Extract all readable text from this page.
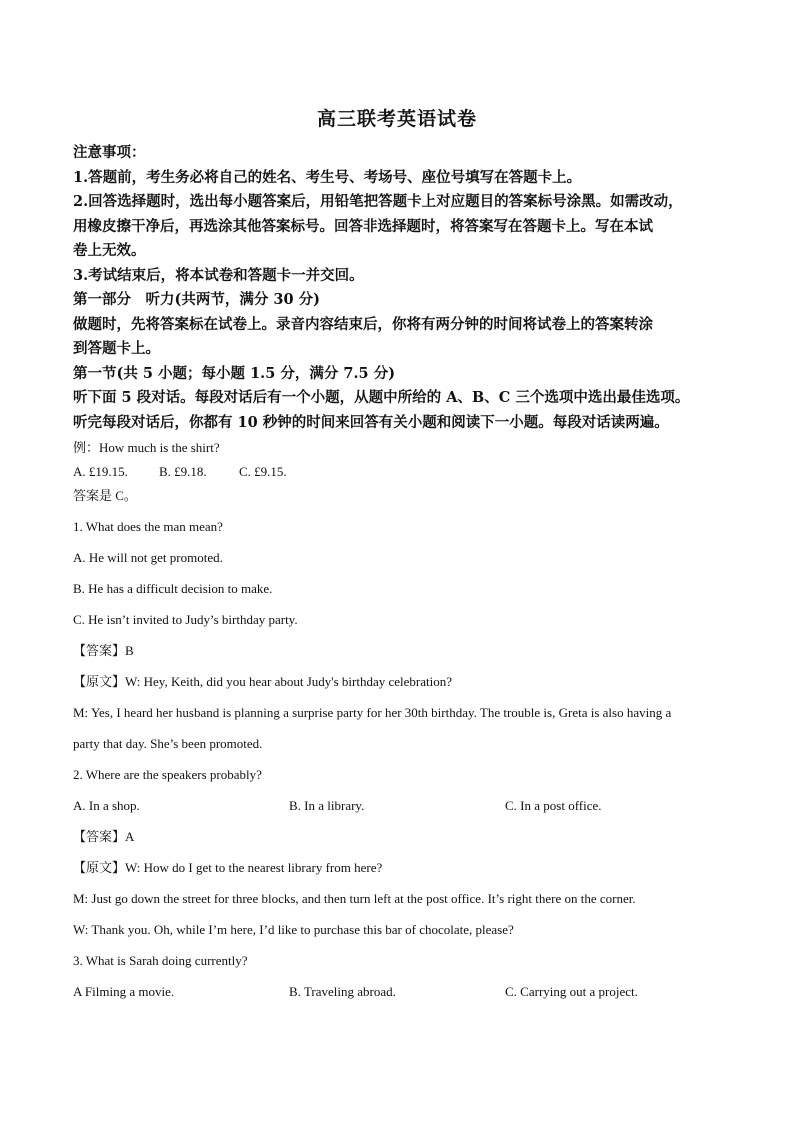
高三联考英语试卷
注意事项：
1.答题前，考生务必将自己的姓名、考生号、考场号、座位号填写在答题卡上。
2.回答选择题时，选出每小题答案后，用铅笔把答题卡上对应题目的答案标号涂黑。如需改动，
用橡皮擦干净后，再选涂其他答案标号。回答非选择题时，将答案写在答题卡上。写在本试
卷上无效。
3.考试结束后，将本试卷和答题卡一并交回。
第一部分　听力(共两节，满分 30 分)
做题时，先将答案标在试卷上。录音内容结束后，你将有两分钟的时间将试卷上的答案转涂
到答题卡上。
第一节(共 5 小题；每小题 1.5 分，满分 7.5 分)
听下面 5 段对话。每段对话后有一个小题，从题中所给的 A、B、C 三个选项中选出最佳选项。
听完每段对话后，你都有 10 秒钟的时间来回答有关小题和阅读下一小题。每段对话读两遍。
例：How much is the shirt?
A. £19.15. B. £9.18. C. £9.15.
答案是 C。
1. What does the man mean?
A. He will not get promoted.
B. He has a difficult decision to make.
C. He isn’t invited to Judy’s birthday party.
【答案】B
【原文】W: Hey, Keith, did you hear about Judy's birthday celebration?
M: Yes, I heard her husband is planning a surprise party for her 30th birthday. The trouble is, Greta is also having a
party that day. She’s been promoted.
2. Where are the speakers probably?
A. In a shop.	B. In a library.	C. In a post office.
【答案】A
【原文】W: How do I get to the nearest library from here?
M: Just go down the street for three blocks, and then turn left at the post office. It’s right there on the corner.
W: Thank you. Oh, while I’m here, I’d like to purchase this bar of chocolate, please?
3. What is Sarah doing currently?
A Filming a movie.	B. Traveling abroad.	C. Carrying out a project.
